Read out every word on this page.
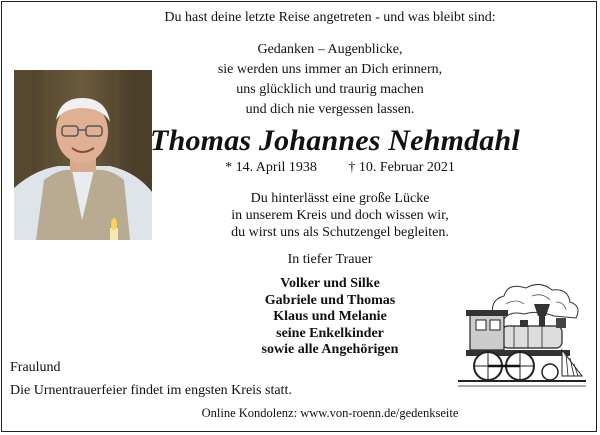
Du hast deine letzte Reise angetreten - und was bleibt sind:
Gedanken – Augenblicke,
sie werden uns immer an Dich erinnern,
uns glücklich und traurig machen
und dich nie vergessen lassen.
Thomas Johannes Nehmdahl
* 14. April 1938 † 10. Februar 2021
Du hinterlässt eine große Lücke
in unserem Kreis und doch wissen wir,
du wirst uns als Schutzengel begleiten.
In tiefer Trauer
Volker und Silke
Gabriele und Thomas
Klaus und Melanie
seine Enkelkinder
sowie alle Angehörigen
Fraulund
Die Urnentrauerfeier findet im engsten Kreis statt.
Online Kondolenz: www.von-roenn.de/gedenkseite
